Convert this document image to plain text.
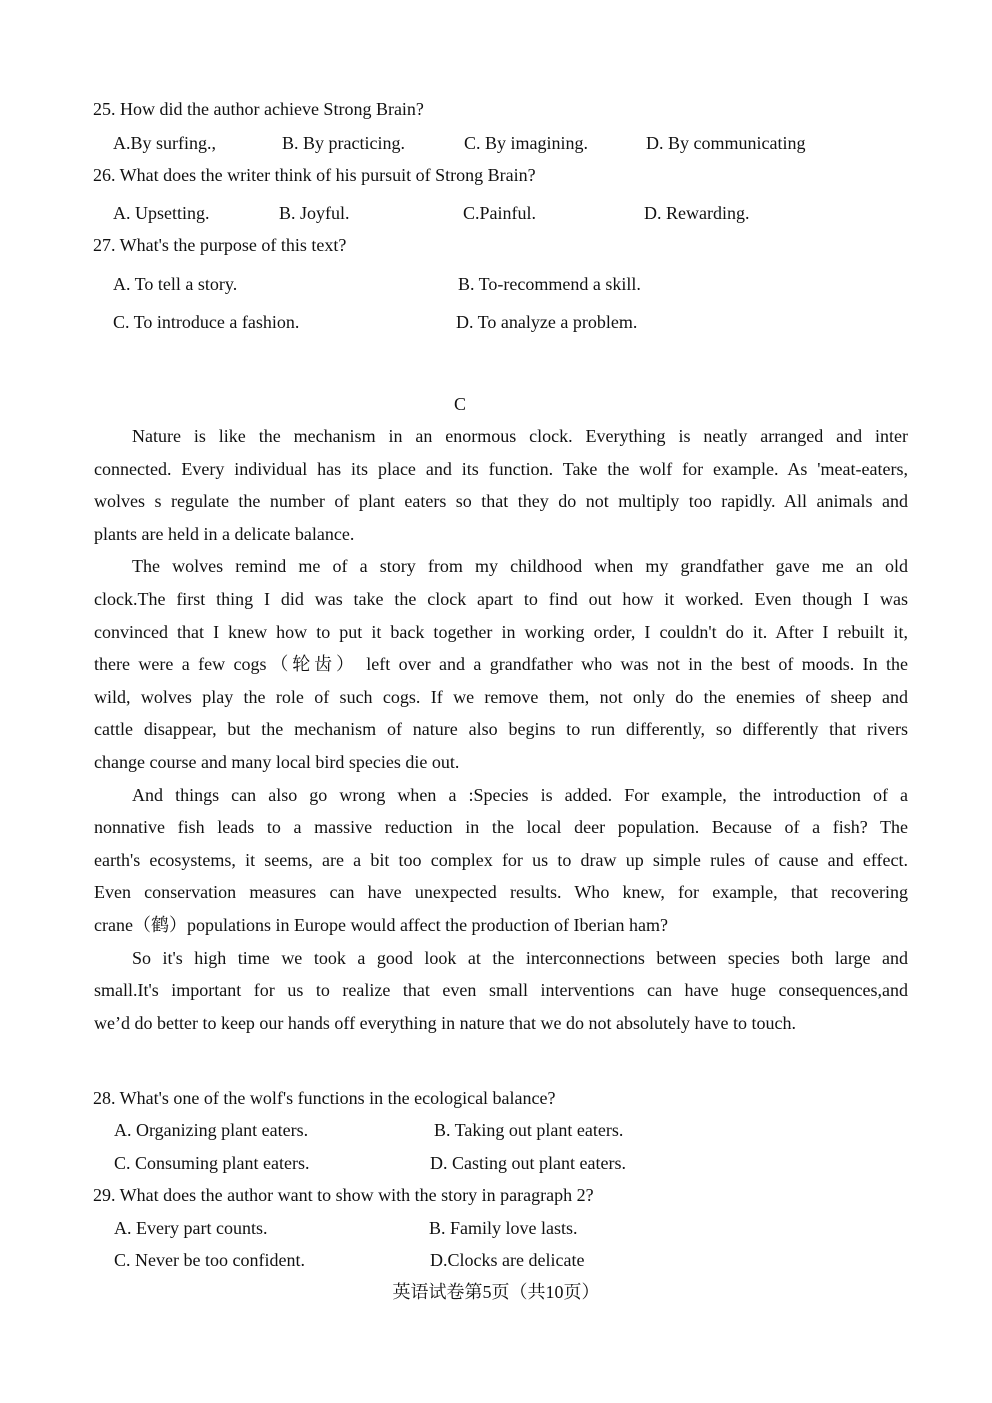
25. How did the author achieve Strong Brain?
A.By surfing.,	B. By practicing.	C. By imagining.	D. By communicating
26. What does the writer think of his pursuit of Strong Brain?
A. Upsetting.	B. Joyful.	C.Painful.	D. Rewarding.
27. What's the purpose of this text?
A. To tell a story.	B. To-recommend a skill.
C. To introduce a fashion.	D. To analyze a problem.
C
Nature is like the mechanism in an enormous clock. Everything is neatly arranged and inter
connected. Every individual has its place and its function. Take the wolf for example. As 'meat-eaters,
wolves s regulate the number of plant eaters so that they do not multiply too rapidly. All animals and
plants are held in a delicate balance.
The wolves remind me of a story from my childhood when my grandfather gave me an old
clock.The first thing I did was take the clock apart to find out how it worked. Even though I was
convinced that I knew how to put it back together in working order, I couldn't do it. After I rebuilt it,
there were a few cogs（轮齿） left over and a grandfather who was not in the best of moods. In the
wild, wolves play the role of such cogs. If we remove them, not only do the enemies of sheep and
cattle disappear, but the mechanism of nature also begins to run differently, so differently that rivers
change course and many local bird species die out.
And things can also go wrong when a :Species is added. For example, the introduction of a
nonnative fish leads to a massive reduction in the local deer population. Because of a fish? The
earth's ecosystems, it seems, are a bit too complex for us to draw up simple rules of cause and effect.
Even conservation measures can have unexpected results. Who knew, for example, that recovering
crane（鹤）populations in Europe would affect the production of Iberian ham?
So it's high time we took a good look at the interconnections between species both large and
small.It's important for us to realize that even small interventions can have huge consequences,and
we’d do better to keep our hands off everything in nature that we do not absolutely have to touch.
28. What's one of the wolf's functions in the ecological balance?
A. Organizing plant eaters.	B. Taking out plant eaters.
C. Consuming plant eaters.	D. Casting out plant eaters.
29. What does the author want to show with the story in paragraph 2?
A. Every part counts.	B. Family love lasts.
C. Never be too confident.	D.Clocks are delicate
英语试卷第5页（共10页）
